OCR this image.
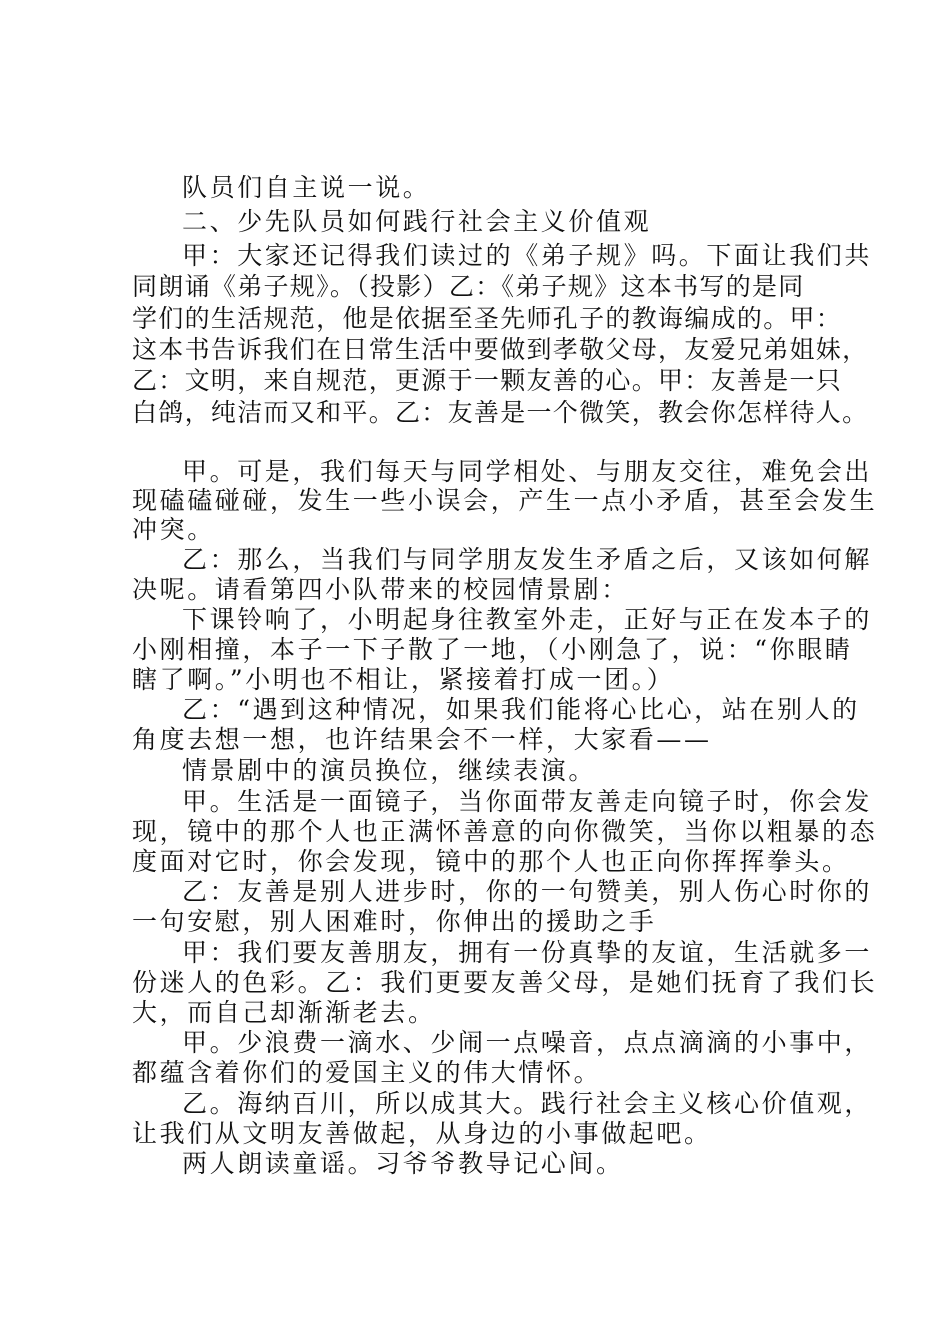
队员们自主说一说。
二、少先队员如何践行社会主义价值观
甲：大家还记得我们读过的《弟子规》吗。下面让我们共
同朗诵《弟子规》。（投影）乙：《弟子规》这本书写的是同
学们的生活规范，他是依据至圣先师孔子的教诲编成的。甲：
这本书告诉我们在日常生活中要做到孝敬父母，友爱兄弟姐妹，
乙：文明，来自规范，更源于一颗友善的心。甲：友善是一只
白鸽，纯洁而又和平。乙：友善是一个微笑，教会你怎样待人。
甲。可是，我们每天与同学相处、与朋友交往，难免会出
现磕磕碰碰，发生一些小误会，产生一点小矛盾，甚至会发生
冲突。
乙：那么，当我们与同学朋友发生矛盾之后，又该如何解
决呢。请看第四小队带来的校园情景剧：
下课铃响了，小明起身往教室外走，正好与正在发本子的
小刚相撞，本子一下子散了一地，（小刚急了，说：“你眼睛
瞎了啊。”小明也不相让，紧接着打成一团。）
乙：“遇到这种情况，如果我们能将心比心，站在别人的
角度去想一想，也许结果会不一样，大家看——
情景剧中的演员换位，继续表演。
甲。生活是一面镜子，当你面带友善走向镜子时，你会发
现，镜中的那个人也正满怀善意的向你微笑，当你以粗暴的态
度面对它时，你会发现，镜中的那个人也正向你挥挥拳头。
乙：友善是别人进步时，你的一句赞美，别人伤心时你的
一句安慰，别人困难时，你伸出的援助之手
甲：我们要友善朋友，拥有一份真挚的友谊，生活就多一
份迷人的色彩。乙：我们更要友善父母，是她们抚育了我们长
大，而自己却渐渐老去。
甲。少浪费一滴水、少闹一点噪音，点点滴滴的小事中，
都蕴含着你们的爱国主义的伟大情怀。
乙。海纳百川，所以成其大。践行社会主义核心价值观，
让我们从文明友善做起，从身边的小事做起吧。
两人朗读童谣。习爷爷教导记心间。
